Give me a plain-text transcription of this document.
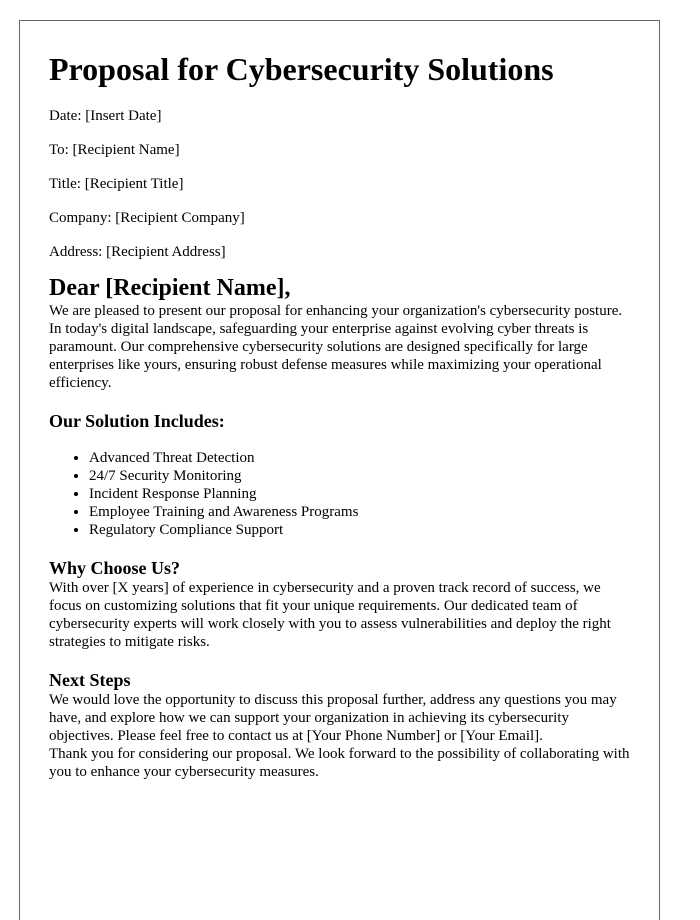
Proposal for Cybersecurity Solutions

Date: [Insert Date]

To: [Recipient Name]

Title: [Recipient Title]

Company: [Recipient Company]

Address: [Recipient Address]

Dear [Recipient Name],

We are pleased to present our proposal for enhancing your organization's cybersecurity posture. In today's digital landscape, safeguarding your enterprise against evolving cyber threats is paramount. Our comprehensive cybersecurity solutions are designed specifically for large enterprises like yours, ensuring robust defense measures while maximizing your operational efficiency.

Our Solution Includes:
• Advanced Threat Detection
• 24/7 Security Monitoring
• Incident Response Planning
• Employee Training and Awareness Programs
• Regulatory Compliance Support
Why Choose Us?

With over [X years] of experience in cybersecurity and a proven track record of success, we focus on customizing solutions that fit your unique requirements. Our dedicated team of cybersecurity experts will work closely with you to assess vulnerabilities and deploy the right strategies to mitigate risks.

Next Steps

We would love the opportunity to discuss this proposal further, address any questions you may have, and explore how we can support your organization in achieving its cybersecurity objectives. Please feel free to contact us at [Your Phone Number] or [Your Email].

Thank you for considering our proposal. We look forward to the possibility of collaborating with you to enhance your cybersecurity measures.
